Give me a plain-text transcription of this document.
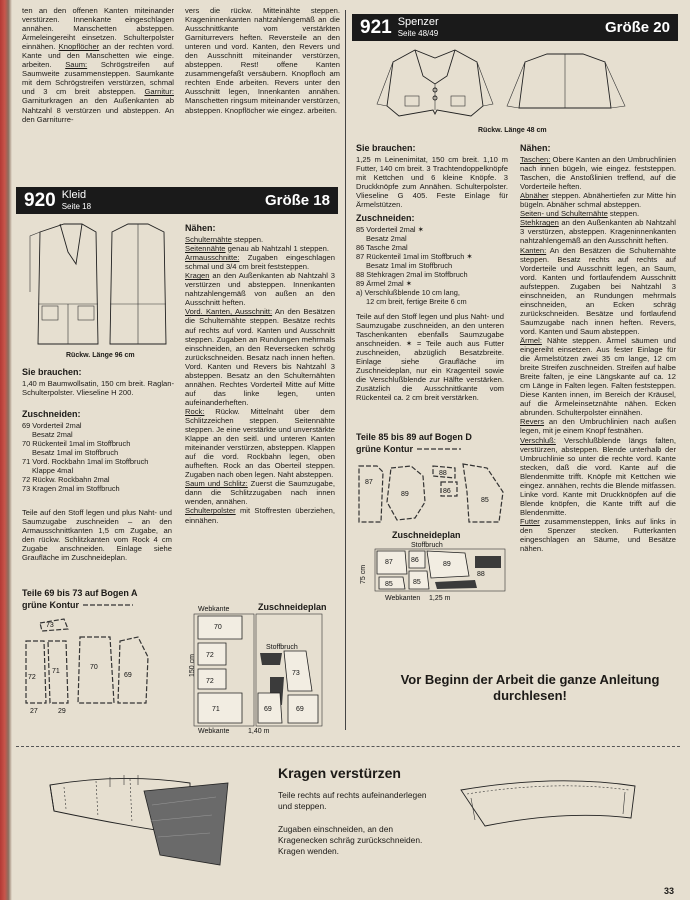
ten an den offenen Kanten miteinander verstürzen. Innenkante eingeschlagen annähen. Manschetten absteppen. Ärmeleingereiht einsetzen. Schulterpolster einnähen. Knopflöcher an der rechten vord. Kante und den Manschetten wie einge. arbeiten. Saum: Schrögstreifen auf Saumweite zusammensteppen. Saumkante mit dem Schrögstreifen verstürzen, schmal und 3 cm breit absteppen. Garnitur: Garniturkragen an den Außenkanten ab Nahtzahl 8 verstürzen und absteppen. An den Garniturre-
vers die rückw. Mitteinähte steppen. Krageninnenkanten nahtzahlengemäß an die Ausschnittkante vom verstärkten Garniturrevers heften. Reversteile an den unteren und vord. Kanten, den Revers und den Ausschnitt miteinander verstürzen, absteppen. Rest! offene Kanten zusammengefaßt versäubern. Knopfloch am rechten Ende arbeiten. Revers unter den Ausschnitt legen, Innenkanten annähen. Manschetten ringsum miteinander verstürzen, absteppen. Knopflöcher wie eingez. arbeiten.
921 Spenzer
Seite 48/49	Größe 20
Rückw. Länge 48 cm
Sie brauchen:
1,25 m Leinenimitat, 150 cm breit. 1,10 m Futter, 140 cm breit. 3 Trachtendoppelknöpfe mit Kettchen und 6 kleine Knöpfe. 3 Druckknöpfe zum Annähen. Schulterpolster. Vlieseline G 405. Feste Einlage für Ärmelstützen.
Zuschneiden:
85 Vorderteil 2mal ✶
Besatz 2mal
86 Tasche 2mal
87 Rückenteil 1mal im Stoffbruch ✶
Besatz 1mal im Stoffbruch
88 Stehkragen 2mal im Stoffbruch
89 Ärmel 2mal ✶
a) Verschlußblende 10 cm lang,
12 cm breit, fertige Breite 6 cm
Teile auf den Stoff legen und plus Naht- und Saumzugabe zuschneiden, an den unteren Taschenkanten ebenfalls Saumzugabe anschneiden. ✶ = Teile auch aus Futter zuschneiden, abzüglich Besatzbreite. Einlage siehe Graufläche im Zuschneideplan, nur ein Kragenteil sowie die Verschlußblende zur Hälfte verstärken. Zusätzlich die Ausschnittkante vom Rückenteil ca. 2 cm breit verstärken.
Teile 85 bis 89 auf Bogen D
grüne Kontur
87
89
88
86
85
Zuschneideplan
Stoffbruch
75 cm
87	86
89
85	85
88
Webkanten 1,25 m
Nähen:
Taschen: Obere Kanten an den Umbruchlinien nach innen bügeln, wie eingez. feststeppen. Taschen, die Anstoßlinien treffend, auf die Vorderteile heften.
Abnäher steppen. Abnähertiefen zur Mitte hin bügeln. Abnäher schmal absteppen.
Seiten- und Schulternähte steppen.
Stehkragen an den Außenkanten ab Nahtzahl 3 verstürzen, absteppen. Krageninnenkanten nahtzahlengemäß an den Ausschnitt heften.
Kanten: An den Besätzen die Schulternähte steppen. Besatz rechts auf rechts auf Vorderteile und Ausschnitt legen, an Saum, vord. Kanten und fortlaufendem Ausschnitt aufsteppen. Zugaben bei Nahtzahl 3 einschneiden, an Rundungen mehrmals einschneiden, an Ecken schräg zurückschneiden. Besätze und fortlaufend Saumzugabe nach innen heften. Revers, vord. Kanten und Saum absteppen.
Ärmel: Nähte steppen. Ärmel säumen und eingereiht einsetzen. Aus fester Einlage für die Ärmelstützen zwei 35 cm lange, 12 cm breite Streifen zuschneiden. Streifen auf halbe Breite falten, je eine Längskante auf ca. 12 cm Länge in Falten legen. Falten feststeppen. Diese Kanten innen, im Bereich der Kräusel, auf die Ärmeleinsetznähte nähen. Ecken abrunden. Schulterpolster einnähen.
Revers an den Umbruchlinien nach außen legen, mit je einem Knopf festnähen.
Verschluß: Verschlußblende längs falten, verstürzen, absteppen. Blende unterhalb der Umbruchlinie so unter die rechte vord. Kante stecken, daß die vord. Kante auf die Blendenmitte trifft. Knöpfe mit Kettchen wie eingez. annähen, rechts die Blende mitfassen. Linke vord. Kante mit Druckknöpfen auf die Blende knöpfen, die Kante trifft auf die Blendenmitte.
Futter zusammensteppen, links auf links in den Spenzer stecken. Futterkanten eingeschlagen an Säume, und Besätze nähen.
920 Kleid
Seite 18	Größe 18
Rückw. Länge 96 cm
Sie brauchen:
1,40 m Baumwollsatin, 150 cm breit. Raglan-Schulterpolster. Vlieseline H 200.
Zuschneiden:
69 Vorderteil 2mal
Besatz 2mal
70 Rückenteil 1mal im Stoffbruch
Besatz 1mal im Stoffbruch
71 Vord. Rockbahn 1mal im Stoffbruch
Klappe 4mal
72 Rückw. Rockbahn 2mal
73 Kragen 2mal im Stoffbruch
Teile auf den Stoff legen und plus Naht- und Saumzugabe zuschneiden – an den Armausschnittkanten 1,5 cm Zugabe, an den rückw. Schlitzkanten vom Rock 4 cm Zugabe anschneiden. Einlage siehe Graufläche im Zuschneideplan.
Teile 69 bis 73 auf Bogen A
grüne Kontur
73
72
71
27	29
70
69
Webkante
150 cm
70
72
72
71
Stoffbruch
73
69	69
Webkante	1,40 m
Zuschneideplan
Nähen:
Schulternähte steppen.
Seitennähte genau ab Nahtzahl 1 steppen.
Armausschnitte: Zugaben eingeschlagen schmal und 3/4 cm breit feststeppen.
Kragen an den Außenkanten ab Nahtzahl 3 verstürzen und absteppen. Innenkanten nahtzahlengemäß von außen an den Ausschnitt heften.
Vord. Kanten, Ausschnitt: An den Besätzen die Schulternähte steppen. Besätze rechts auf rechts auf vord. Kanten und Ausschnitt steppen. Zugaben an Rundungen mehrmals einschneiden, an den Reversecken schrög zurückschneiden. Besatz nach innen heften. Vord. Kanten und Revers bis Nahtzahl 3 absteppen. Besatz an den Schulternähten annähen. Rechtes Vorderteil Mitte auf Mitte auf das linke legen, unten aufeinanderheften.
Rock: Rückw. Mittelnaht über dem Schlitzzeichen steppen. Seitennähte steppen. Je eine verstärkte und unverstärkte Klappe an den seitl. und unteren Kanten miteinander verstürzen, absteppen. Klappen auf die vord. Rockbahn legen, oben aufheften. Rock an das Oberteil steppen. Zugaben nach oben legen. Naht absteppen.
Saum und Schlitz: Zuerst die Saumzugabe, dann die Schlitzzugaben nach innen wenden, annähen.
Schulterpolster mit Stoffresten überziehen, einnähen.
Vor Beginn der Arbeit die ganze Anleitung durchlesen!
Kragen verstürzen
Teile rechts auf rechts aufeinanderlegen und steppen.
Zugaben einschneiden, an den Kragenecken schräg zurückschneiden. Kragen wenden.
33
